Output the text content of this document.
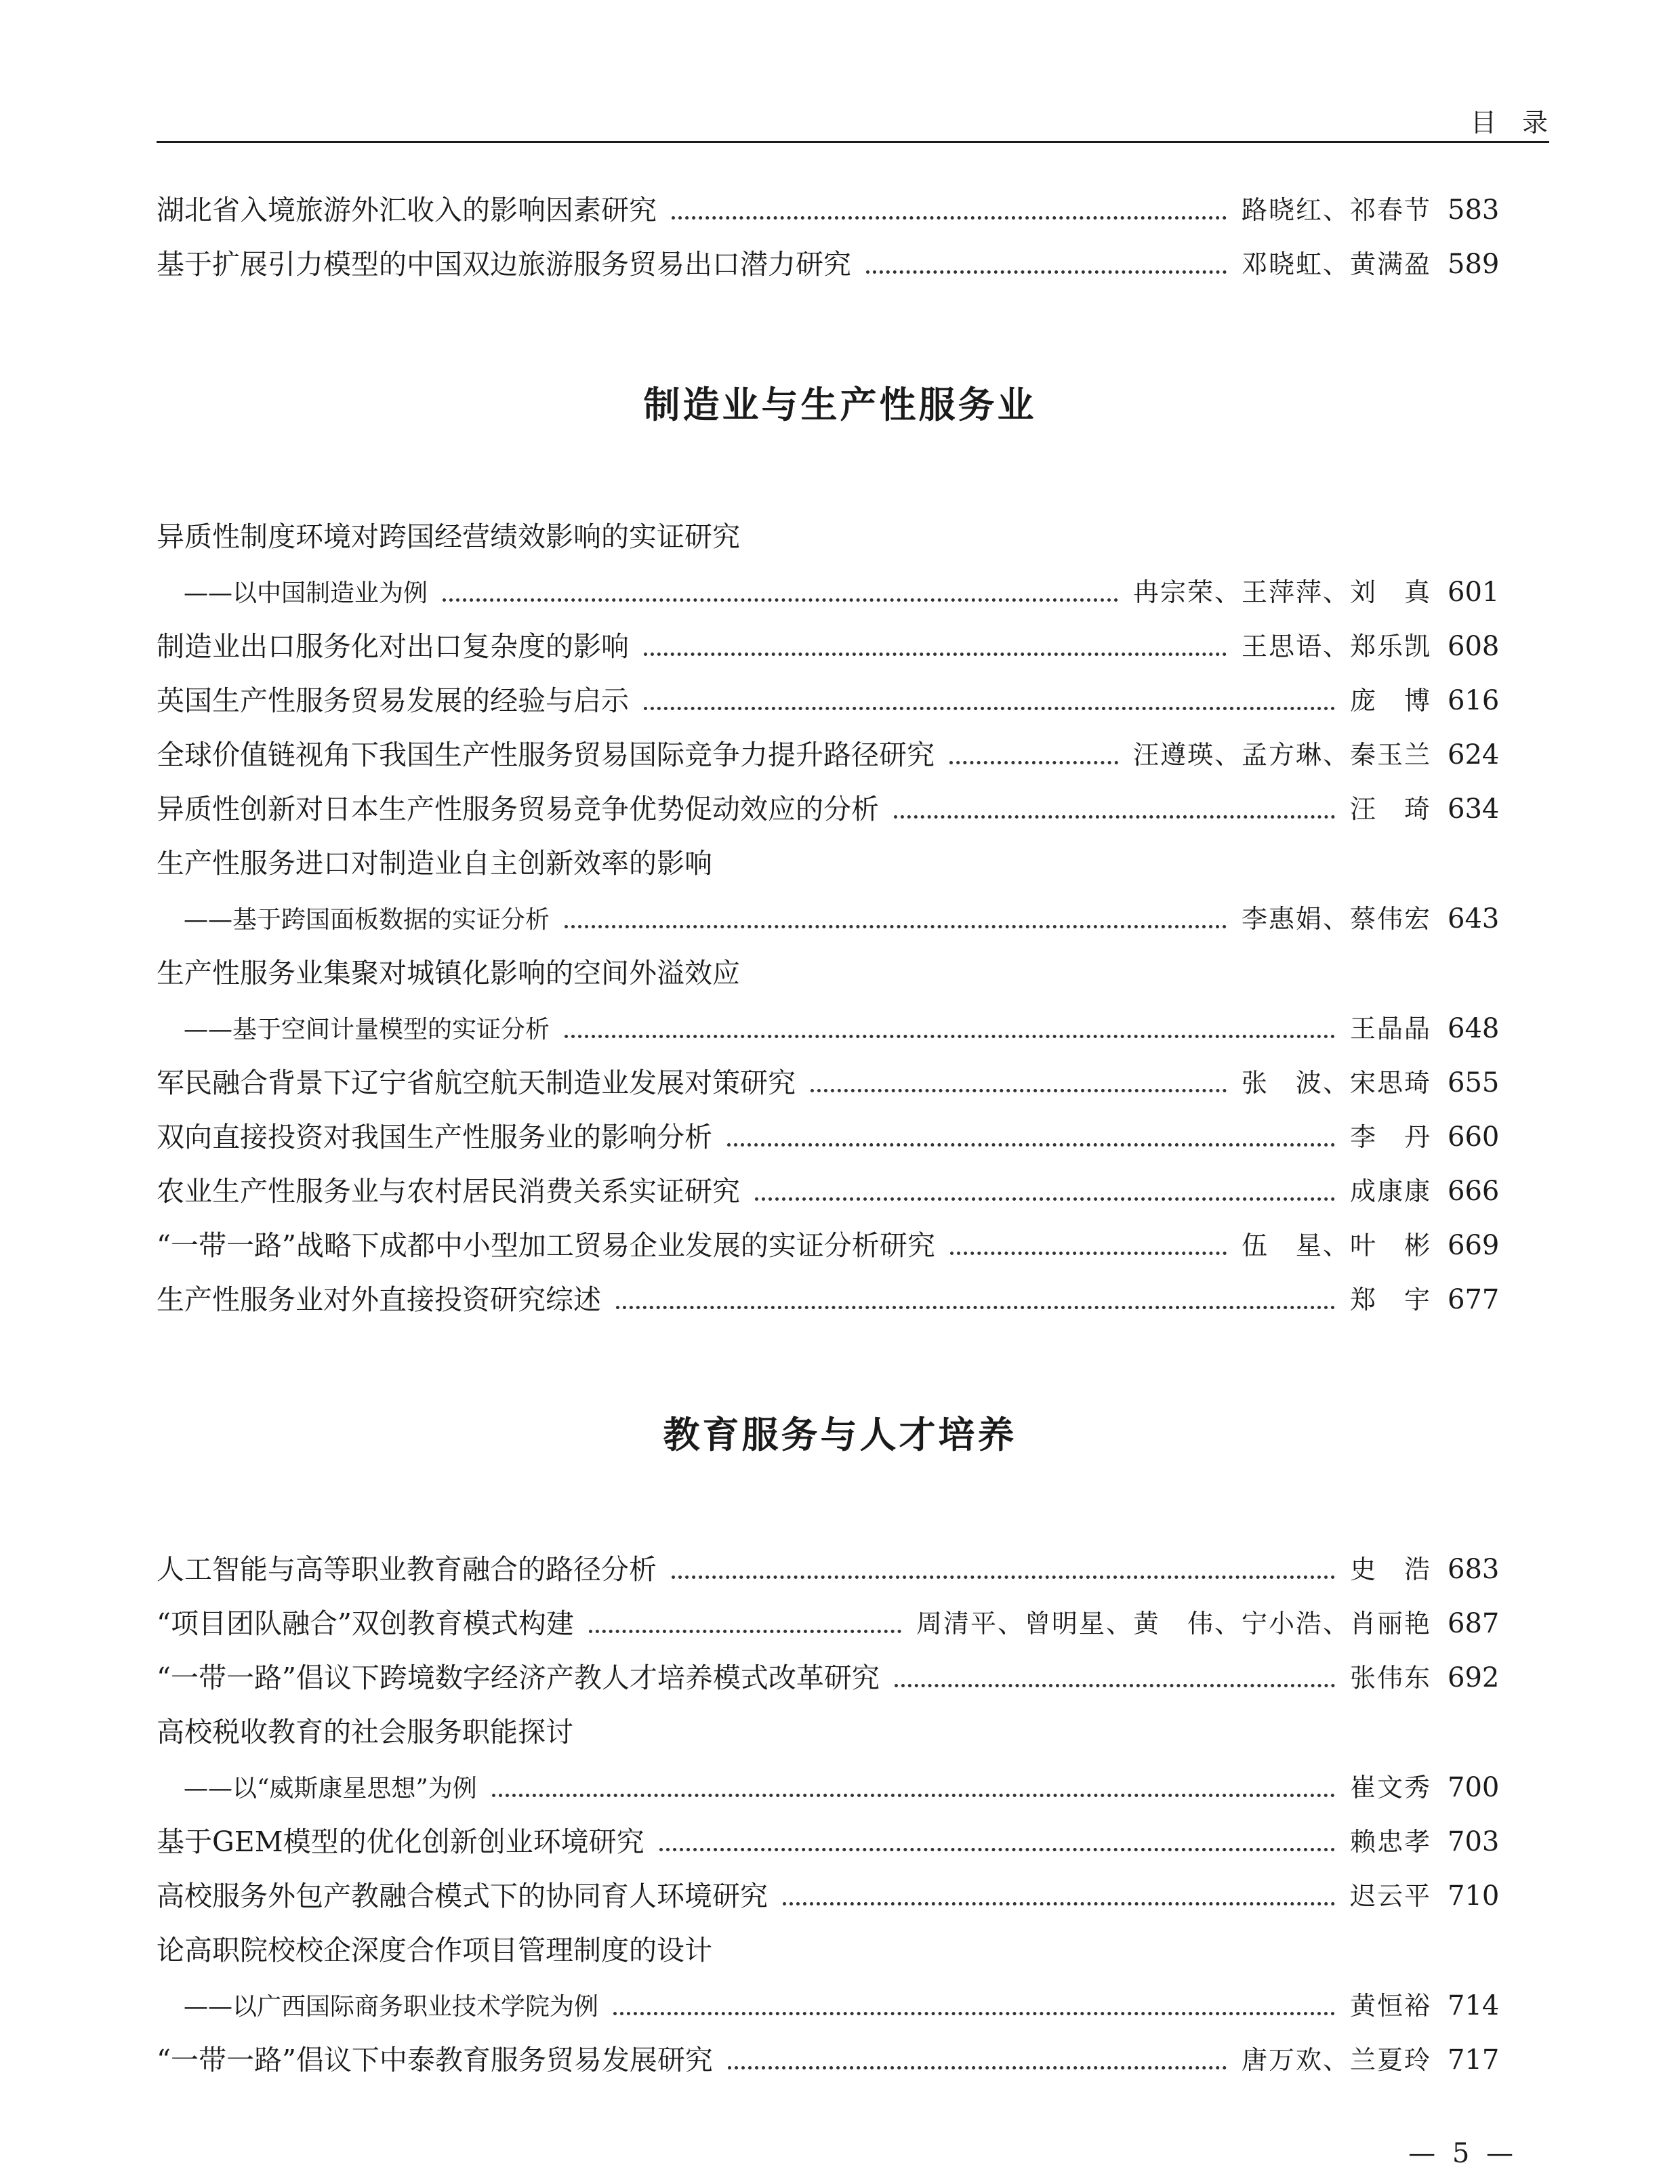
目录
湖北省入境旅游外汇收入的影响因素研究	路晓红、祁春节 583
基于扩展引力模型的中国双边旅游服务贸易出口潜力研究	邓晓虹、黄满盈 589
制造业与生产性服务业
异质性制度环境对跨国经营绩效影响的实证研究
——以中国制造业为例	冉宗荣、王萍萍、刘　真 601
制造业出口服务化对出口复杂度的影响	王思语、郑乐凯 608
英国生产性服务贸易发展的经验与启示	庞　博 616
全球价值链视角下我国生产性服务贸易国际竞争力提升路径研究	汪遵瑛、孟方琳、秦玉兰 624
异质性创新对日本生产性服务贸易竞争优势促动效应的分析	汪　琦 634
生产性服务进口对制造业自主创新效率的影响
——基于跨国面板数据的实证分析	李惠娟、蔡伟宏 643
生产性服务业集聚对城镇化影响的空间外溢效应
——基于空间计量模型的实证分析	王晶晶 648
军民融合背景下辽宁省航空航天制造业发展对策研究	张　波、宋思琦 655
双向直接投资对我国生产性服务业的影响分析	李　丹 660
农业生产性服务业与农村居民消费关系实证研究	成康康 666
“一带一路”战略下成都中小型加工贸易企业发展的实证分析研究	伍　星、叶　彬 669
生产性服务业对外直接投资研究综述	郑　宇 677
教育服务与人才培养
人工智能与高等职业教育融合的路径分析	史　浩 683
“项目团队融合”双创教育模式构建	周清平、曾明星、黄　伟、宁小浩、肖丽艳 687
“一带一路”倡议下跨境数字经济产教人才培养模式改革研究	张伟东 692
高校税收教育的社会服务职能探讨
——以“威斯康星思想”为例	崔文秀 700
基于GEM模型的优化创新创业环境研究	赖忠孝 703
高校服务外包产教融合模式下的协同育人环境研究	迟云平 710
论高职院校校企深度合作项目管理制度的设计
——以广西国际商务职业技术学院为例	黄恒裕 714
“一带一路”倡议下中泰教育服务贸易发展研究	唐万欢、兰夏玲 717
— 5 —
